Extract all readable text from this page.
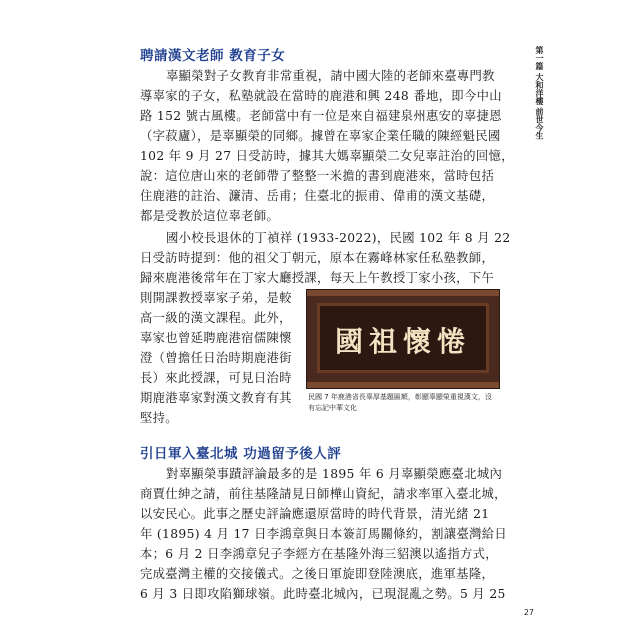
第一篇 大和洋樓 前世今生
聘請漢文老師 教育子女
辜顯榮對子女教育非常重視，請中國大陸的老師來臺專門教
導辜家的子女，私塾就設在當時的鹿港和興 248 番地，即今中山
路 152 號古風樓。老師當中有一位是來自福建泉州惠安的辜捷恩
（字菽廬），是辜顯榮的同鄉。據曾在辜家企業任職的陳經魁民國
102 年 9 月 27 日受訪時，據其大媽辜顯榮二女兒辜註治的回憶，
說：這位唐山來的老師帶了整整一米擔的書到鹿港來，當時包括
住鹿港的註治、濂清、岳甫；住臺北的振甫、偉甫的漢文基礎，
都是受教於這位辜老師。
國小校長退休的丁禎祥 (1933-2022)，民國 102 年 8 月 22
日受訪時提到：他的祖父丁朝元，原本在霧峰林家任私塾教師，
歸來鹿港後常年在丁家大廳授課，每天上午教授丁家小孩，下午
則開課教授辜家子弟，是較
高一級的漢文課程。此外，
辜家也曾延聘鹿港宿儒陳懷
澄（曾擔任日治時期鹿港街
長）來此授課，可見日治時
期鹿港辜家對漢文教育有其
堅持。
國祖懷惓
民國 7 年鹿港省長辜厚基題匾額，彰顯辜顯榮重視漢文，沒有忘記中華文化
引日軍入臺北城 功過留予後人評
對辜顯榮事蹟評論最多的是 1895 年 6 月辜顯榮應臺北城內
商賈仕紳之請，前往基隆請見日師樺山資紀，請求率軍入臺北城，
以安民心。此事之歷史評論應還原當時的時代背景，清光緒 21
年 (1895) 4 月 17 日李鴻章與日本簽訂馬關條約，割讓臺灣給日
本；6 月 2 日李鴻章兒子李經方在基隆外海三貂澳以遙指方式，
完成臺灣主權的交接儀式。之後日軍旋即登陸澳底，進軍基隆，
6 月 3 日即攻陷獅球嶺。此時臺北城內，已現混亂之勢。5 月 25
27
